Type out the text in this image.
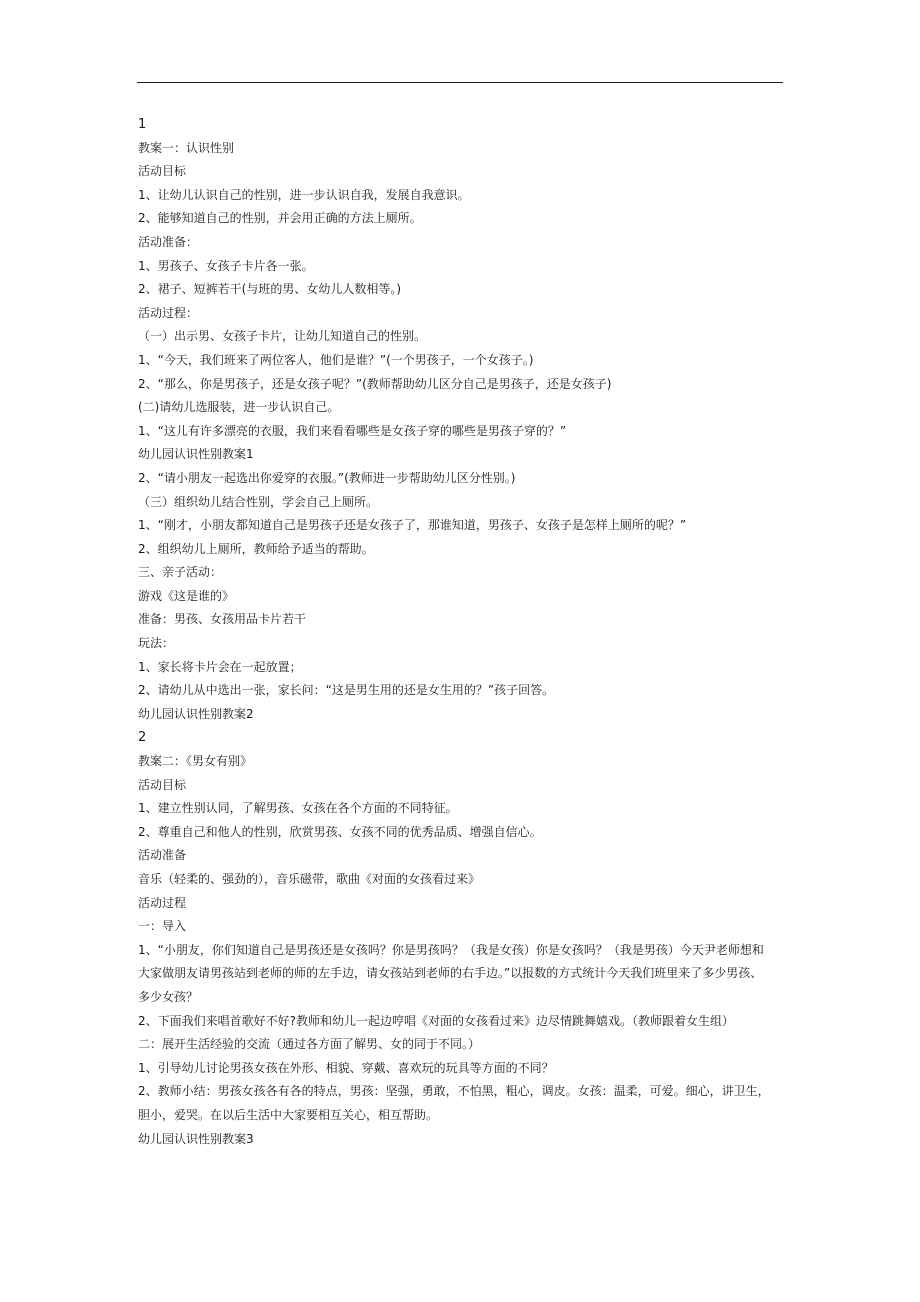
1
教案一：认识性别
活动目标
1、让幼儿认识自己的性别，进一步认识自我，发展自我意识。
2、能够知道自己的性别，并会用正确的方法上厕所。
活动准备：
1、男孩子、女孩子卡片各一张。
2、裙子、短裤若干(与班的男、女幼儿人数相等。)
活动过程：
（一）出示男、女孩子卡片，让幼儿知道自己的性别。
1、“今天，我们班来了两位客人，他们是谁？”(一个男孩子，一个女孩子。)
2、“那么，你是男孩子，还是女孩子呢？”(教师帮助幼儿区分自己是男孩子，还是女孩子)
(二)请幼儿选服装，进一步认识自己。
1、“这儿有许多漂亮的衣服，我们来看看哪些是女孩子穿的哪些是男孩子穿的？”
幼儿园认识性别教案1
2、“请小朋友一起选出你爱穿的衣服。”(教师进一步帮助幼儿区分性别。)
（三）组织幼儿结合性别，学会自己上厕所。
1、“刚才，小朋友都知道自己是男孩子还是女孩子了，那谁知道，男孩子、女孩子是怎样上厕所的呢？”
2、组织幼儿上厕所，教师给予适当的帮助。
三、亲子活动：
游戏《这是谁的》
准备：男孩、女孩用品卡片若干
玩法：
1、家长将卡片会在一起放置；
2、请幼儿从中选出一张，家长问：“这是男生用的还是女生用的？”孩子回答。
幼儿园认识性别教案2
2
教案二：《男女有别》
活动目标
1、建立性别认同，了解男孩、女孩在各个方面的不同特征。
2、尊重自己和他人的性别，欣赏男孩、女孩不同的优秀品质、增强自信心。
活动准备
音乐（轻柔的、强劲的），音乐磁带，歌曲《对面的女孩看过来》
活动过程
一：导入
1、“小朋友，你们知道自己是男孩还是女孩吗？你是男孩吗？（我是女孩）你是女孩吗？（我是男孩）今天尹老师想和
大家做朋友请男孩站到老师的师的左手边，请女孩站到老师的右手边。”以报数的方式统计今天我们班里来了多少男孩、
多少女孩？
2、下面我们来唱首歌好不好?教师和幼儿一起边哼唱《对面的女孩看过来》边尽情跳舞嬉戏。（教师跟着女生组）
二：展开生活经验的交流（通过各方面了解男、女的同于不同。）
1、引导幼儿讨论男孩女孩在外形、相貌、穿戴、喜欢玩的玩具等方面的不同？
2、教师小结：男孩女孩各有各的特点，男孩：坚强，勇敢，不怕黑，粗心，调皮。女孩：温柔，可爱。细心，讲卫生，
胆小，爱哭。在以后生活中大家要相互关心，相互帮助。
幼儿园认识性别教案3
